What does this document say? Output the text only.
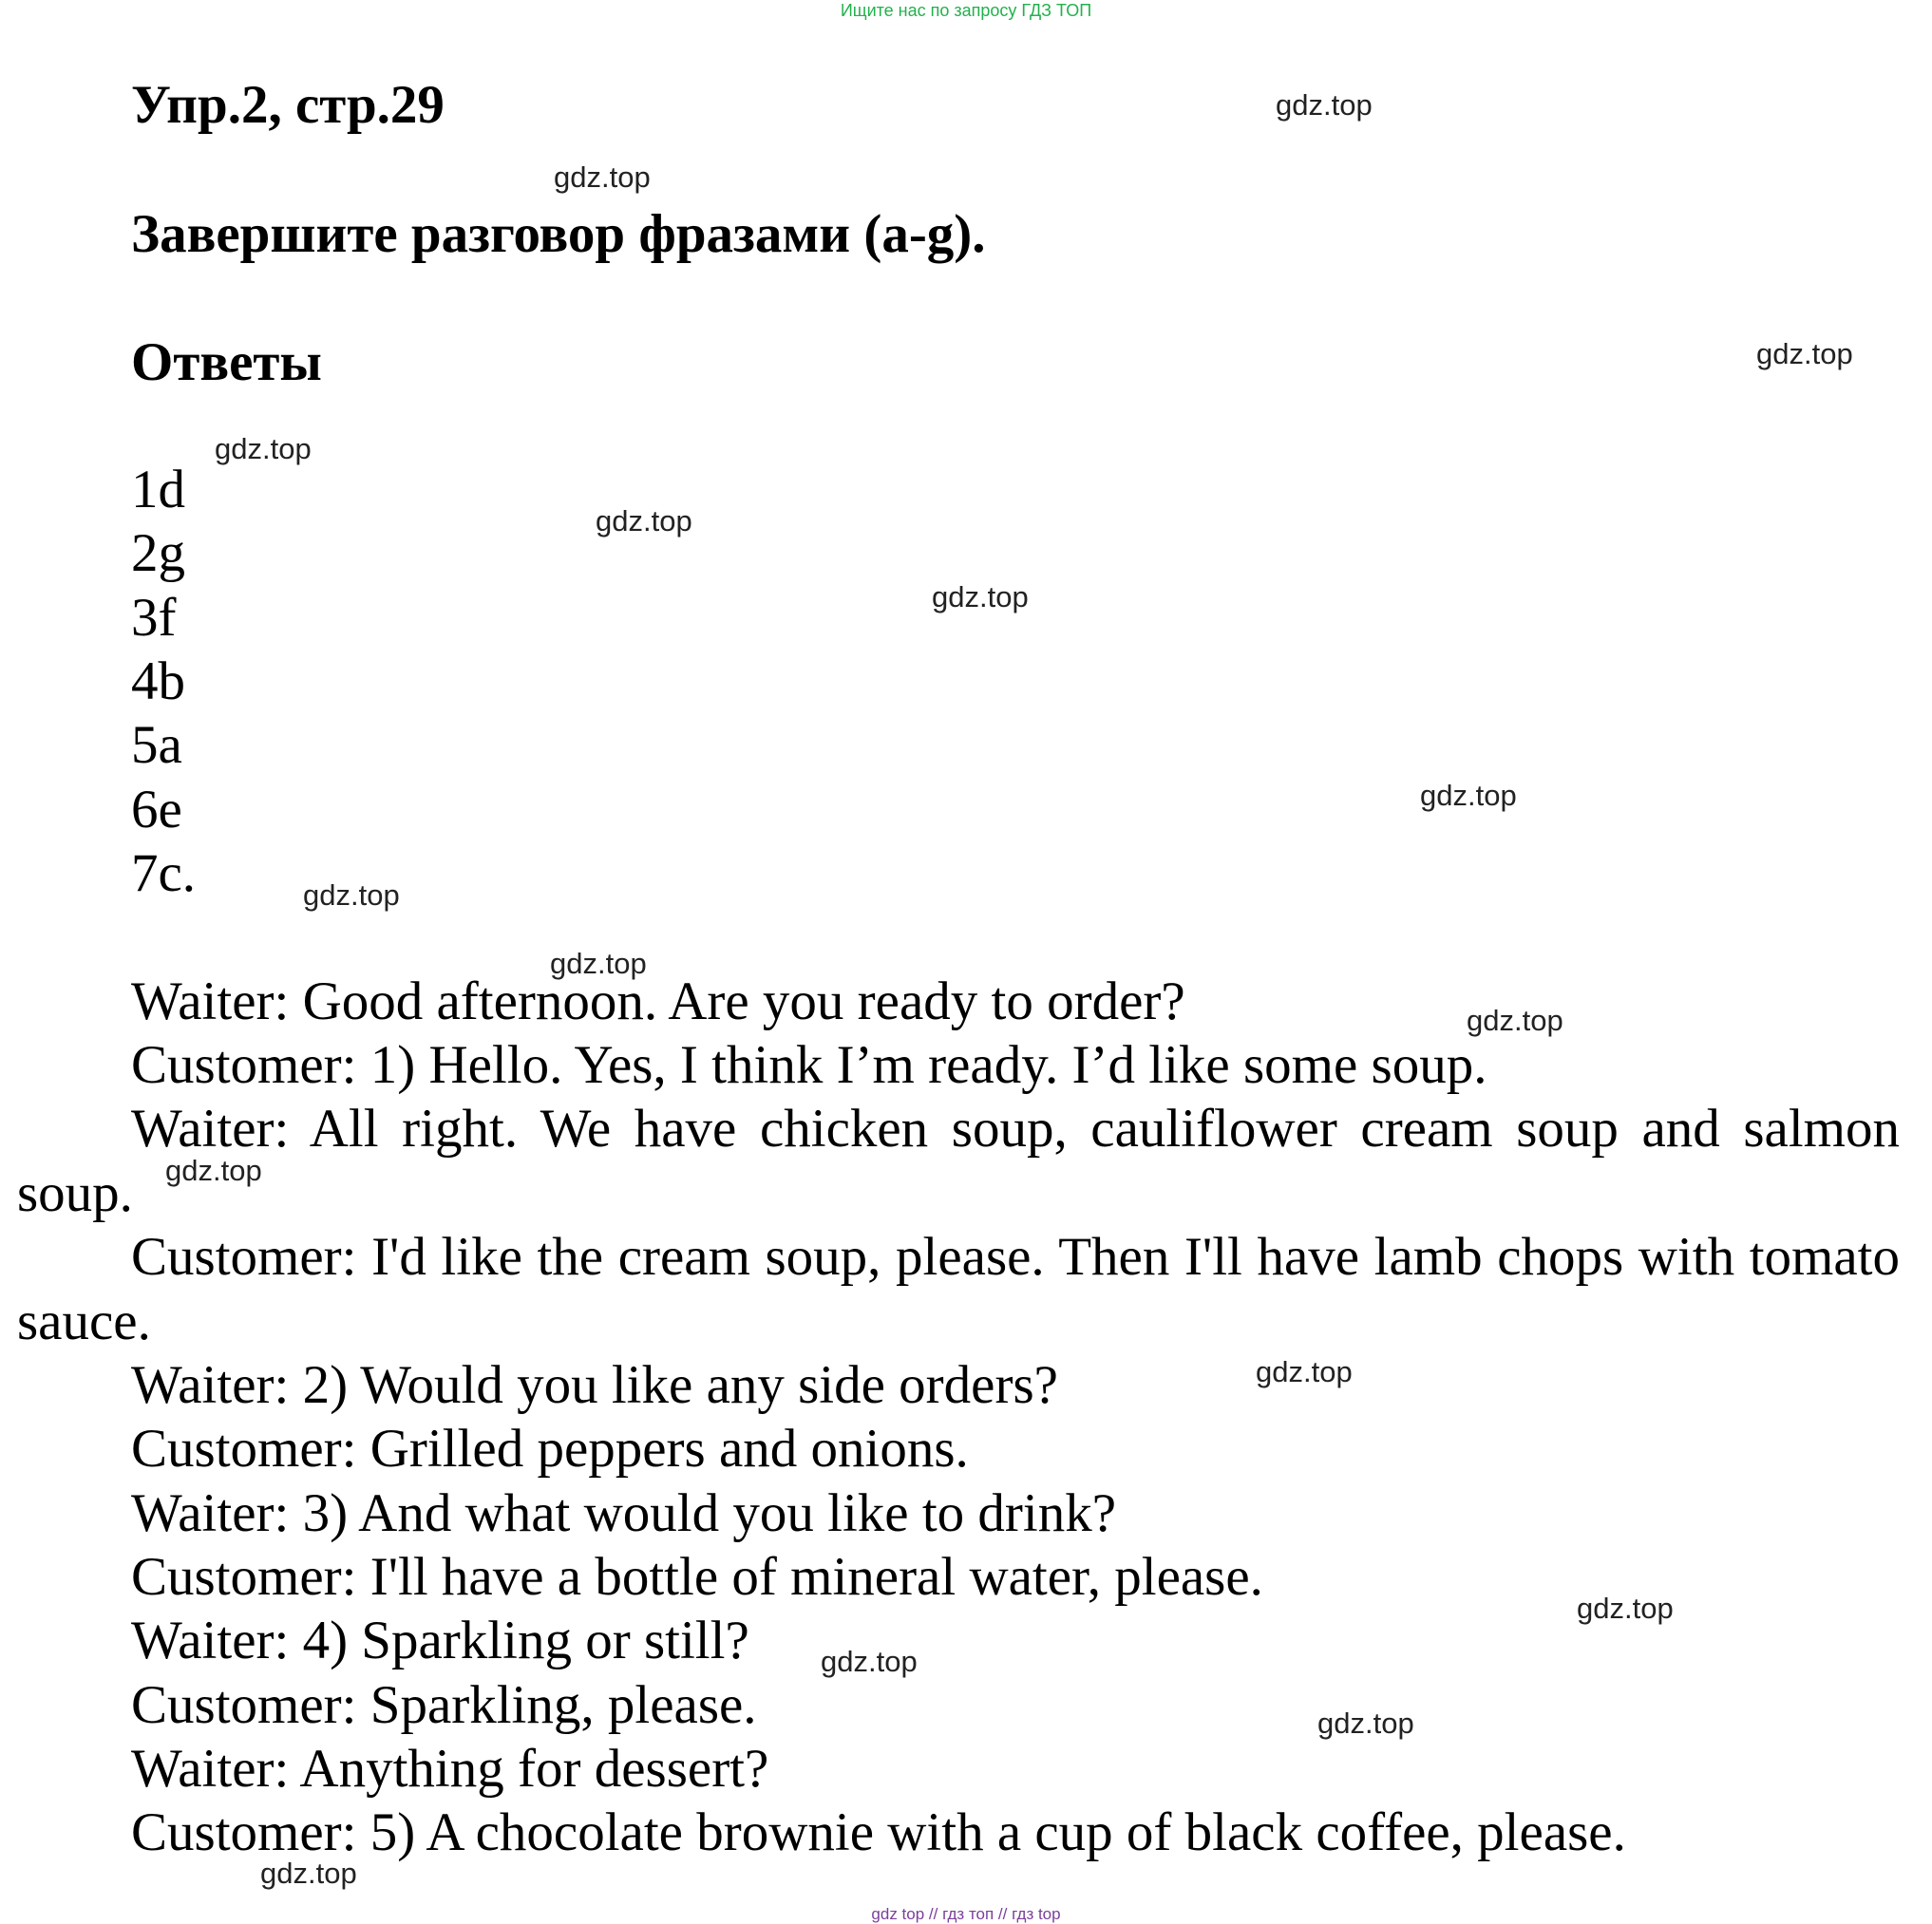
Ищите нас по запросу ГДЗ ТОП
Упр.2, стр.29
Завершите разговор фразами (a-g).
Ответы
1d
2g
3f
4b
5a
6e
7c.
Waiter: Good afternoon. Are you ready to order?
Customer: 1) Hello. Yes, I think I’m ready. I’d like some soup.
Waiter: All right. We have chicken soup, cauliflower cream soup and salmon soup.
Customer: I'd like the cream soup, please. Then I'll have lamb chops with tomato sauce.
Waiter: 2) Would you like any side orders?
Customer: Grilled peppers and onions.
Waiter: 3) And what would you like to drink?
Customer: I'll have a bottle of mineral water, please.
Waiter: 4) Sparkling or still?
Customer: Sparkling, please.
Waiter: Anything for dessert?
Customer: 5) A chocolate brownie with a cup of black coffee, please.
gdz.top
gdz.top
gdz.top
gdz.top
gdz.top
gdz.top
gdz.top
gdz.top
gdz.top
gdz.top
gdz.top
gdz.top
gdz.top
gdz.top
gdz.top
gdz.top
gdz top // гдз топ // гдз top
